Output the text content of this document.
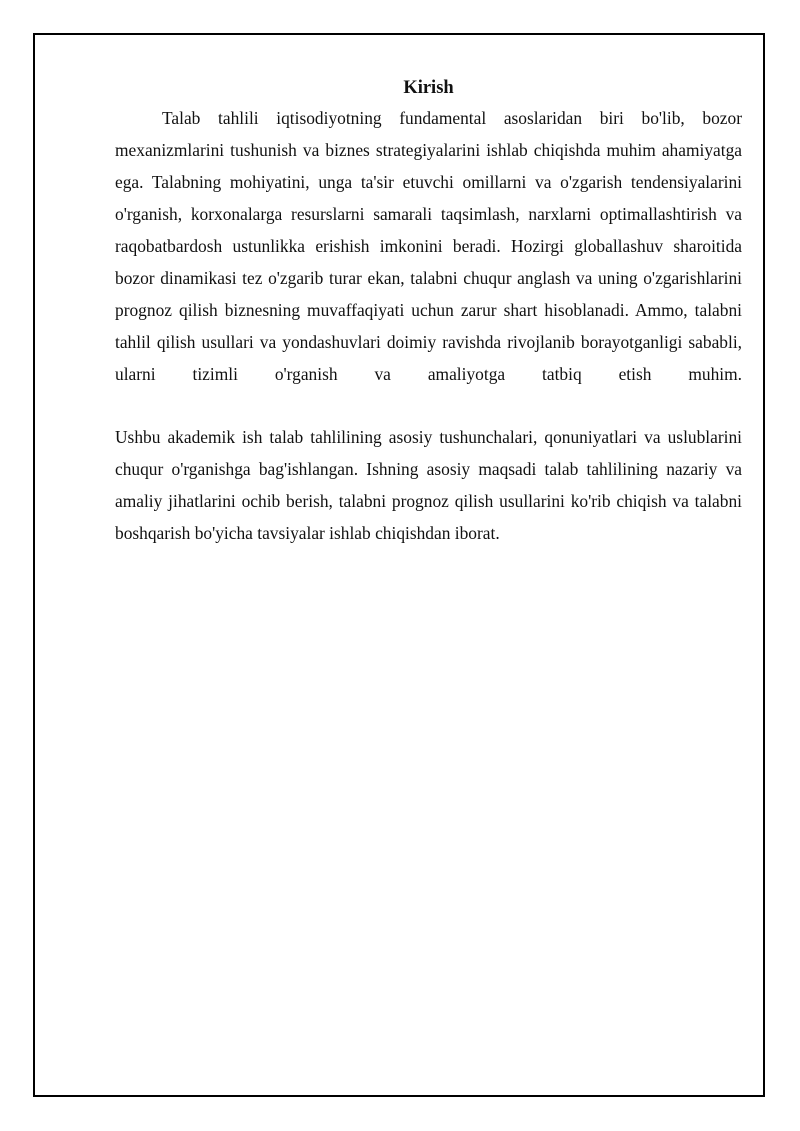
Kirish

Talab tahlili iqtisodiyotning fundamental asoslaridan biri bo'lib, bozor mexanizmlarini tushunish va biznes strategiyalarini ishlab chiqishda muhim ahamiyatga ega. Talabning mohiyatini, unga ta'sir etuvchi omillarni va o'zgarish tendensiyalarini o'rganish, korxonalarga resurslarni samarali taqsimlash, narxlarni optimallashtirish va raqobatbardosh ustunlikka erishish imkonini beradi. Hozirgi globallashuv sharoitida bozor dinamikasi tez o'zgarib turar ekan, talabni chuqur anglash va uning o'zgarishlarini prognoz qilish biznesning muvaffaqiyati uchun zarur shart hisoblanadi. Ammo, talabni tahlil qilish usullari va yondashuvlari doimiy ravishda rivojlanib borayotganligi sababli, ularni tizimli o'rganish va amaliyotga tatbiq etish muhim.

Ushbu akademik ish talab tahlilining asosiy tushunchalari, qonuniyatlari va uslublarini chuqur o'rganishga bag'ishlangan. Ishning asosiy maqsadi talab tahlilining nazariy va amaliy jihatlarini ochib berish, talabni prognoz qilish usullarini ko'rib chiqish va talabni boshqarish bo'yicha tavsiyalar ishlab chiqishdan iborat.
